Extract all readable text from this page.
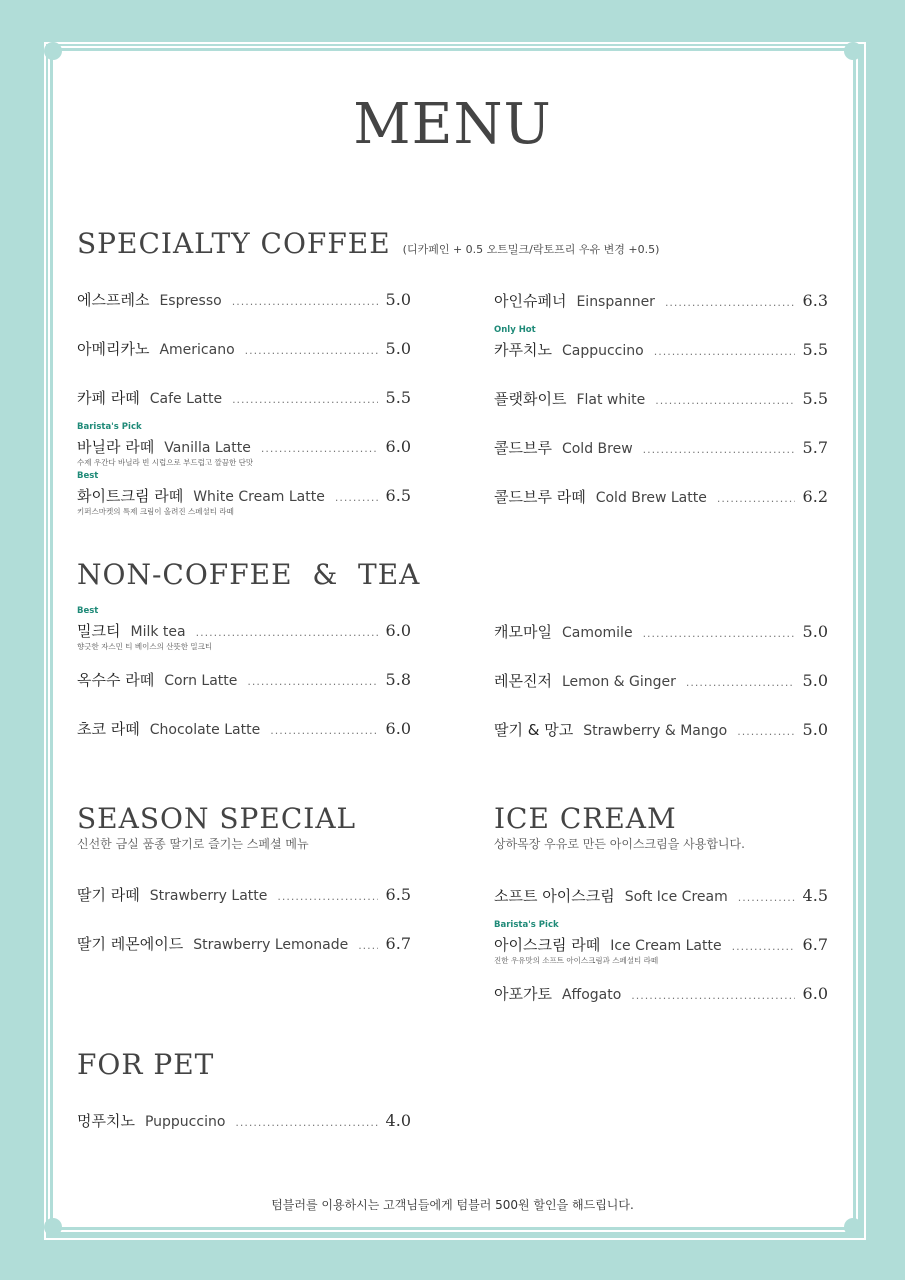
MENU
SPECIALTY COFFEE (디카페인 + 0.5 오트밀크/락토프리 우유 변경 +0.5)
에스프레소 Espresso .....	5.0
아메리카노 Americano .....	5.0
카페 라떼 Cafe Latte .....	5.5
Barista's Pick
바닐라 라떼 Vanilla Latte .....	6.0
수제 우간다 바닐라 빈 시럽으로 부드럽고 깔끔한 단맛
Best
화이트크림 라떼 White Cream Latte .....	6.5
키퍼스마켓의 특제 크림이 올려진 스페셜티 라떼
아인슈페너 Einspanner .....	6.3
Only Hot
카푸치노 Cappuccino .....	5.5
플랫화이트 Flat white .....	5.5
콜드브루 Cold Brew .....	5.7
콜드브루 라떼 Cold Brew Latte .....	6.2
NON-COFFEE  &  TEA
Best
밀크티 Milk tea .....	6.0
향긋한 자스민 티 베이스의 산뜻한 밀크티
옥수수 라떼 Corn Latte .....	5.8
초코 라떼 Chocolate Latte .....	6.0
캐모마일 Camomile .....	5.0
레몬진저 Lemon & Ginger .....	5.0
딸기 & 망고 Strawberry & Mango .....	5.0
SEASON SPECIAL
신선한 금실 품종 딸기로 즐기는 스페셜 메뉴
딸기 라떼 Strawberry Latte .....	6.5
딸기 레몬에이드 Strawberry Lemonade ..... 6.7
ICE CREAM
상하목장 우유로 만든 아이스크림을 사용합니다.
소프트 아이스크림 Soft Ice Cream .....	4.5
Barista's Pick
아이스크림 라떼 Ice Cream Latte .....	6.7
진한 우유맛의 소프트 아이스크림과 스페셜티 라떼
아포가토 Affogato .....	6.0
FOR PET
멍푸치노 Puppuccino .....	4.0
텀블러를 이용하시는 고객님들에게 텀블러 500원 할인을 해드립니다.
